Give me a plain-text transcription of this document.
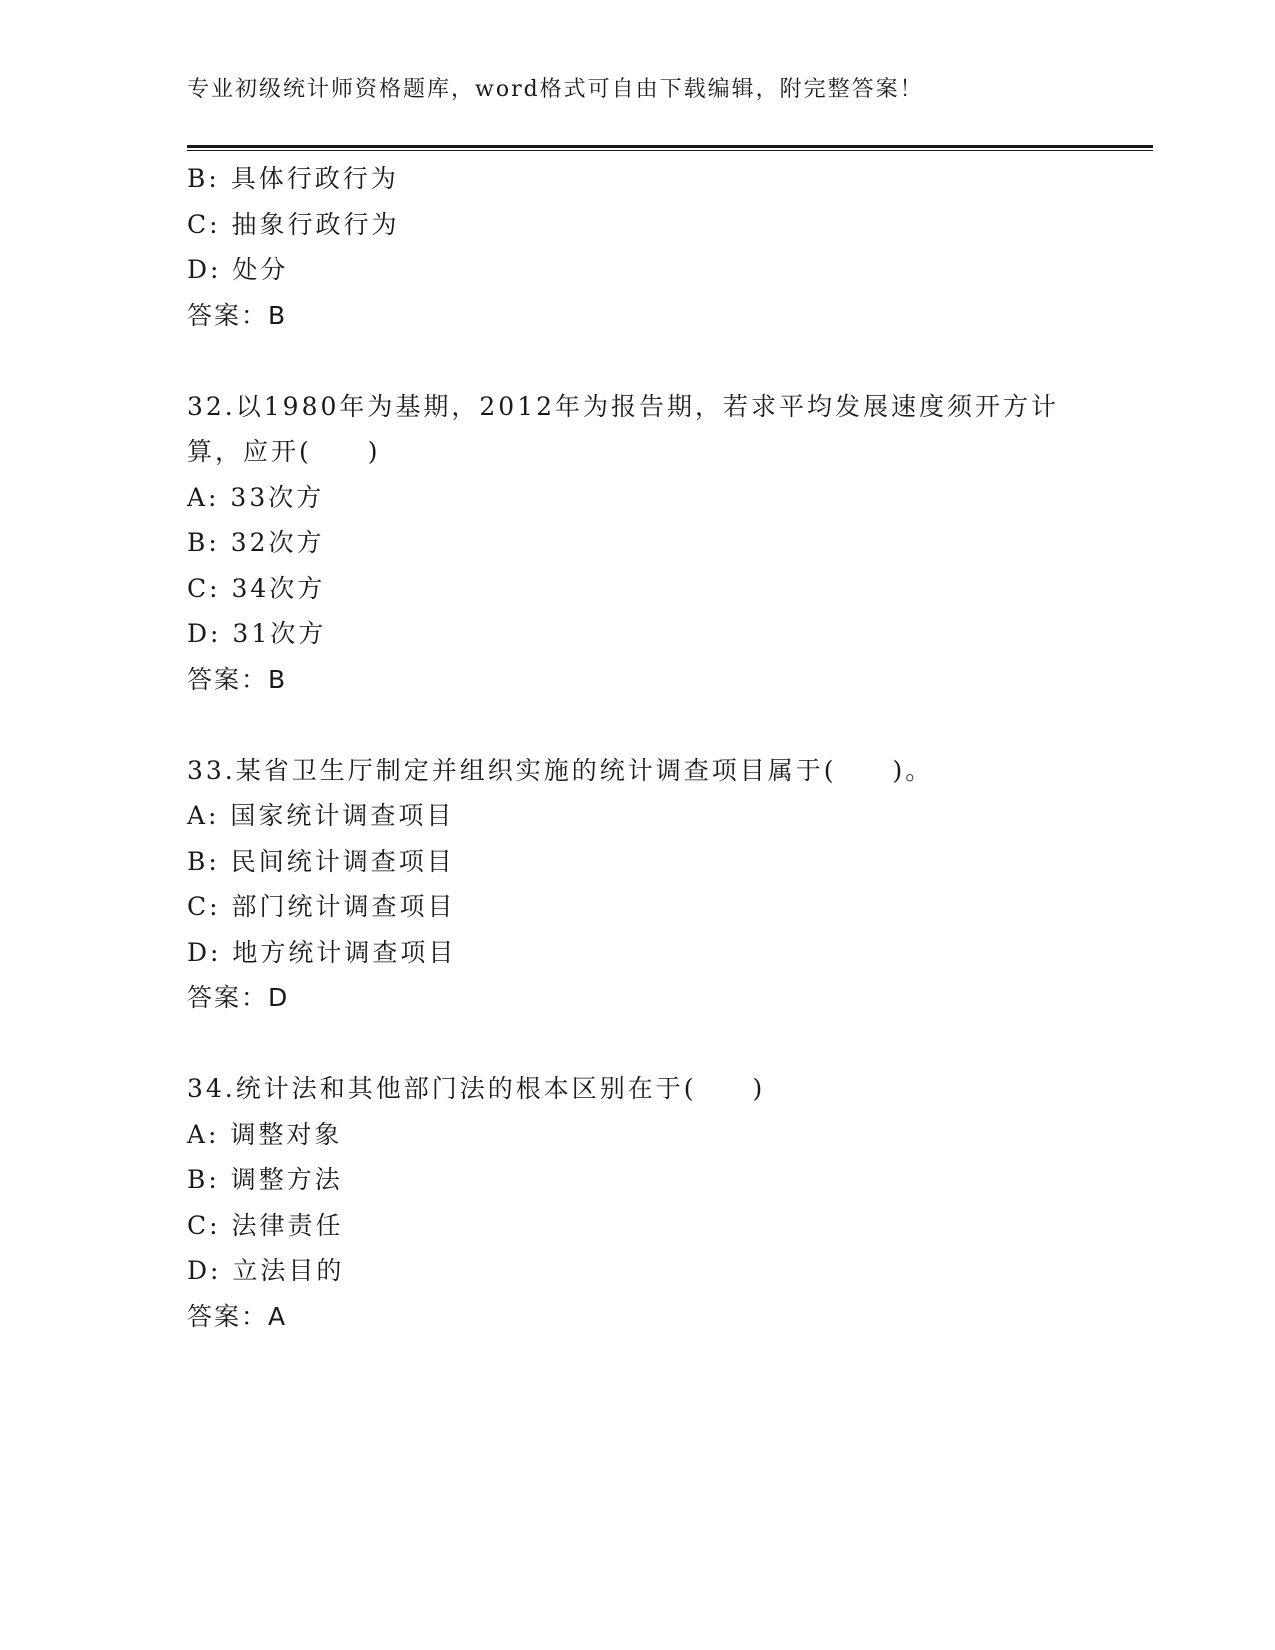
专业初级统计师资格题库，word格式可自由下载编辑，附完整答案！
B: 具体行政行为
C: 抽象行政行为
D: 处分
答案：B
32.以1980年为基期，2012年为报告期，若求平均发展速度须开方计
算，应开(　　)
A: 33次方
B: 32次方
C: 34次方
D: 31次方
答案：B
33.某省卫生厅制定并组织实施的统计调查项目属于(　　)。
A: 国家统计调查项目
B: 民间统计调查项目
C: 部门统计调查项目
D: 地方统计调查项目
答案：D
34.统计法和其他部门法的根本区别在于(　　)
A: 调整对象
B: 调整方法
C: 法律责任
D: 立法目的
答案：A
